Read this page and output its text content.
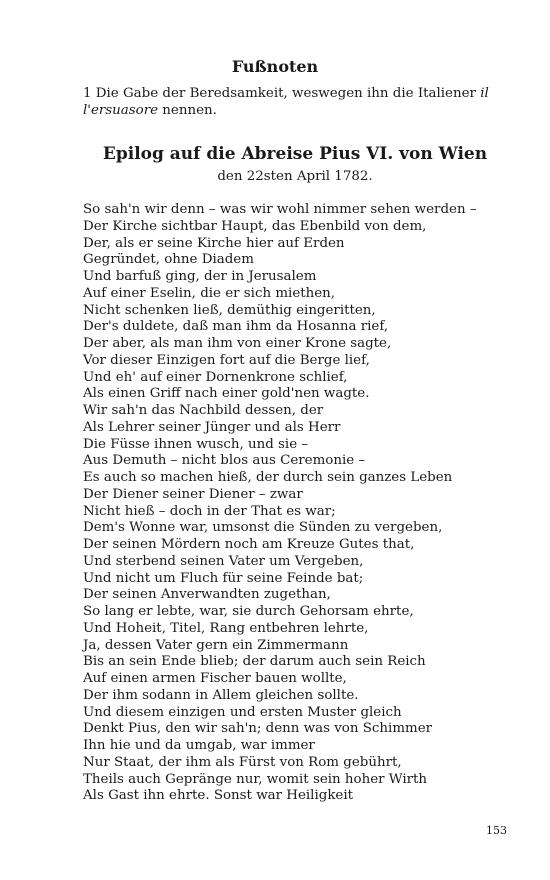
Fußnoten
1 Die Gabe der Beredsamkeit, weswegen ihn die Italiener il l'ersuasore nennen.
Epilog auf die Abreise Pius VI. von Wien
den 22sten April 1782.
So sah'n wir denn – was wir wohl nimmer sehen werden –
Der Kirche sichtbar Haupt, das Ebenbild von dem,
Der, als er seine Kirche hier auf Erden
Gegründet, ohne Diadem
Und barfuß ging, der in Jerusalem
Auf einer Eselin, die er sich miethen,
Nicht schenken ließ, demüthig eingeritten,
Der's duldete, daß man ihm da Hosanna rief,
Der aber, als man ihm von einer Krone sagte,
Vor dieser Einzigen fort auf die Berge lief,
Und eh' auf einer Dornenkrone schlief,
Als einen Griff nach einer gold'nen wagte.
Wir sah'n das Nachbild dessen, der
Als Lehrer seiner Jünger und als Herr
Die Füsse ihnen wusch, und sie –
Aus Demuth – nicht blos aus Ceremonie –
Es auch so machen hieß, der durch sein ganzes Leben
Der Diener seiner Diener – zwar
Nicht hieß – doch in der That es war;
Dem's Wonne war, umsonst die Sünden zu vergeben,
Der seinen Mördern noch am Kreuze Gutes that,
Und sterbend seinen Vater um Vergeben,
Und nicht um Fluch für seine Feinde bat;
Der seinen Anverwandten zugethan,
So lang er lebte, war, sie durch Gehorsam ehrte,
Und Hoheit, Titel, Rang entbehren lehrte,
Ja, dessen Vater gern ein Zimmermann
Bis an sein Ende blieb; der darum auch sein Reich
Auf einen armen Fischer bauen wollte,
Der ihm sodann in Allem gleichen sollte.
Und diesem einzigen und ersten Muster gleich
Denkt Pius, den wir sah'n; denn was von Schimmer
Ihn hie und da umgab, war immer
Nur Staat, der ihm als Fürst von Rom gebührt,
Theils auch Gepränge nur, womit sein hoher Wirth
Als Gast ihn ehrte. Sonst war Heiligkeit
153
